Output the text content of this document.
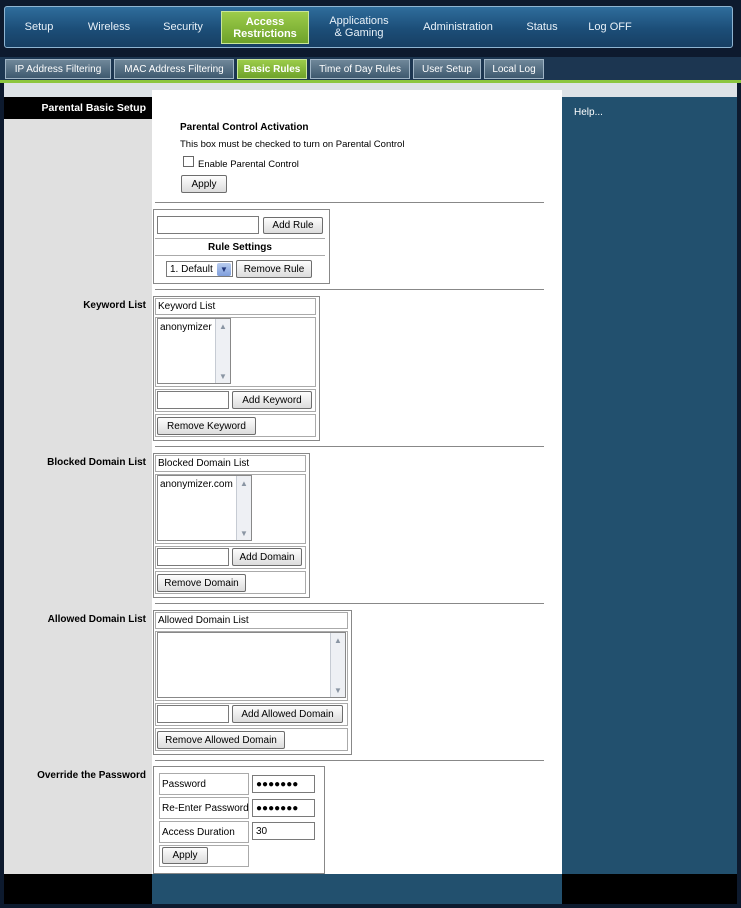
Setup	Wireless	Security	Access
Restrictions
Applications
& Gaming	Administration	Status	Log OFF
IP Address Filtering	MAC Address Filtering	Basic Rules	Time of Day Rules	User Setup	Local Log
Parental Basic Setup	Help...
Keyword List
Blocked Domain List
Allowed Domain List
Override the Password
Parental Control Activation
This box must be checked to turn on Parental Control
Enable Parental Control
Apply
Add Rule
Rule Settings
1. Default ▼	Remove Rule
Keyword List
anonymizer ▲
▼
Add Keyword
Remove Keyword
Blocked Domain List
anonymizer.com ▲
▼
Add Domain
Remove Domain
Allowed Domain List
▲
▼
Add Allowed Domain
Remove Allowed Domain
Password	●●●●●●●
Re-Enter Password ●●●●●●●
Access Duration	30
Apply
